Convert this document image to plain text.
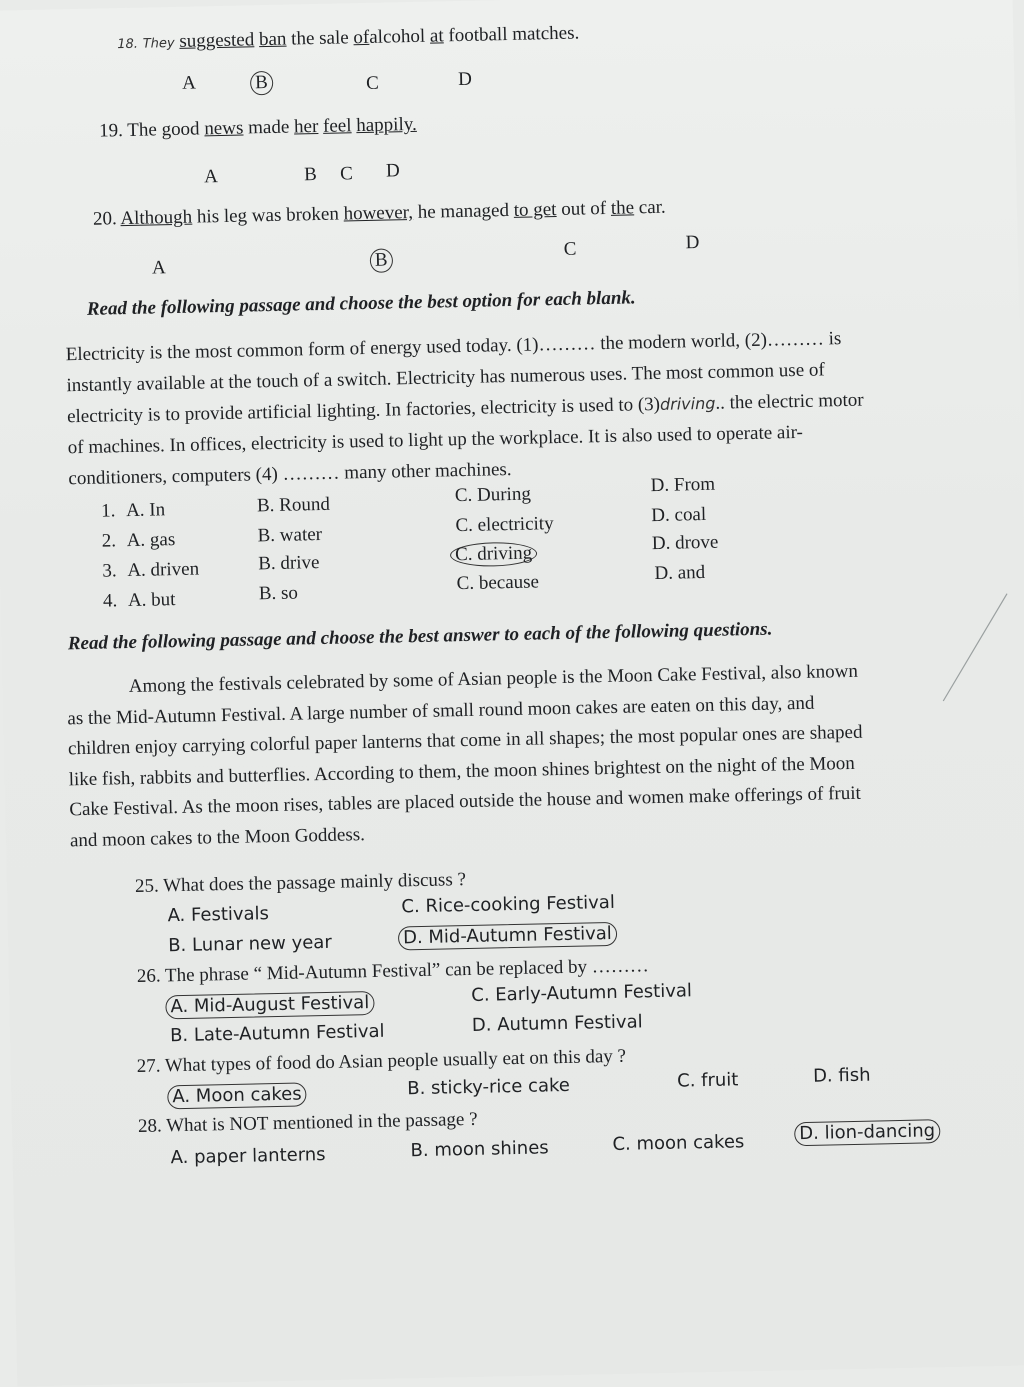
18. They suggested ban the sale ofalcohol at football matches.
A	B	C	D
19. The good news made her feel happily.
A	B C D
20. Although his leg was broken however, he managed to get out of the car.
A	B
C	D
Read the following passage and choose the best option for each blank.
Electricity is the most common form of energy used today. (1)……… the modern world, (2)……… is
instantly available at the touch of a switch. Electricity has numerous uses. The most common use of
electricity is to provide artificial lighting. In factories, electricity is used to (3)driving.. the electric motor
of machines. In offices, electricity is used to light up the workplace. It is also used to operate air-
conditioners, computers (4) ……… many other machines.
1. A. In	B. Round	C. During	D. From
2. A. gas	B. water	C. electricity	D. coal
3. A. driven	B. drive	C. driving	D. drove
4. A. but	B. so	C. because	D. and
Read the following passage and choose the best answer to each of the following questions.
Among the festivals celebrated by some of Asian people is the Moon Cake Festival, also known
as the Mid-Autumn Festival. A large number of small round moon cakes are eaten on this day, and
children enjoy carrying colorful paper lanterns that come in all shapes; the most popular ones are shaped
like fish, rabbits and butterflies. According to them, the moon shines brightest on the night of the Moon
Cake Festival. As the moon rises, tables are placed outside the house and women make offerings of fruit
and moon cakes to the Moon Goddess.
25. What does the passage mainly discuss ?
A. Festivals	C. Rice-cooking Festival
B. Lunar new year	D. Mid-Autumn Festival
26. The phrase “ Mid-Autumn Festival” can be replaced by ………
A. Mid-August Festival	C. Early-Autumn Festival
B. Late-Autumn Festival	D. Autumn Festival
27. What types of food do Asian people usually eat on this day ?
A. Moon cakes	B. sticky-rice cake	C. fruit	D. fish
28. What is NOT mentioned in the passage ?
A. paper lanterns	B. moon shines	C. moon cakes	D. lion-dancing
